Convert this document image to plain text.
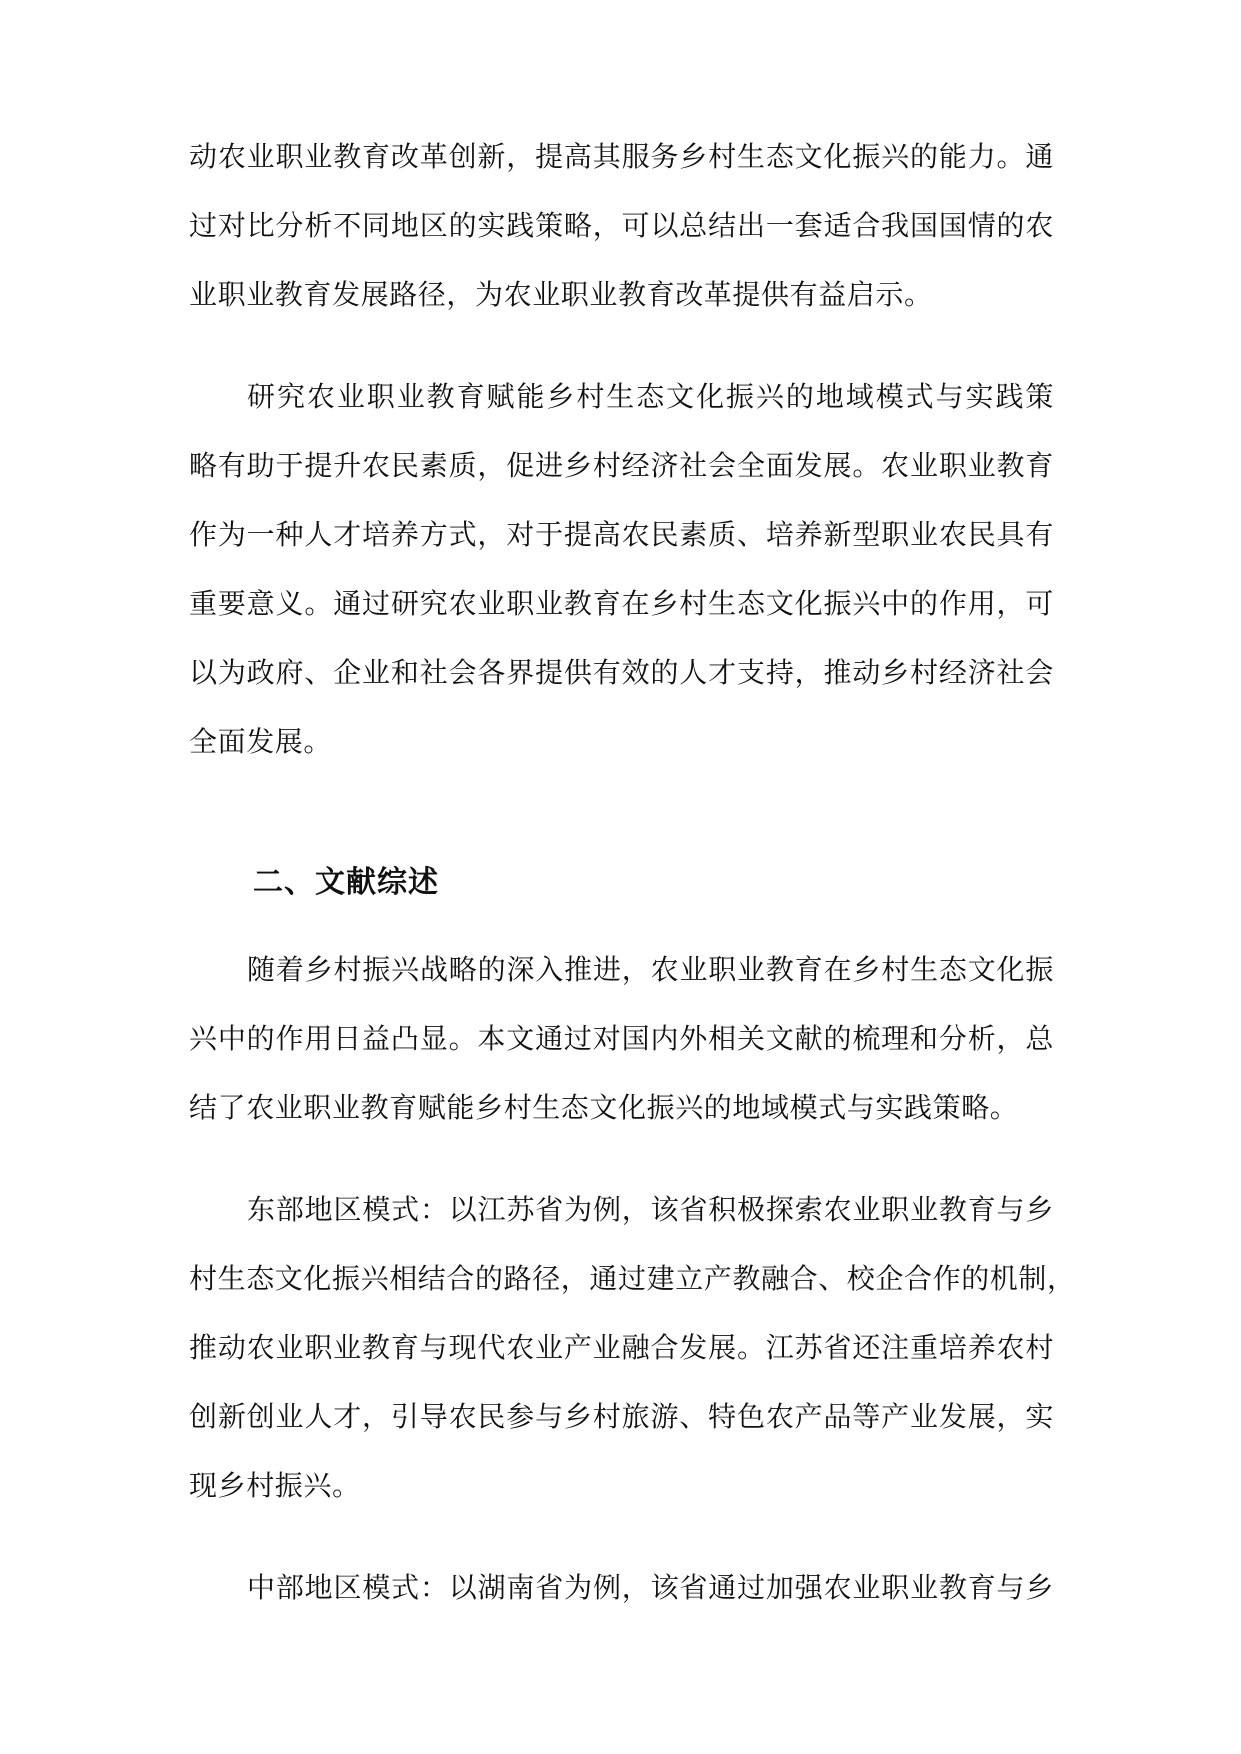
动农业职业教育改革创新，提高其服务乡村生态文化振兴的能力。通
过对比分析不同地区的实践策略，可以总结出一套适合我国国情的农
业职业教育发展路径，为农业职业教育改革提供有益启示。
研究农业职业教育赋能乡村生态文化振兴的地域模式与实践策
略有助于提升农民素质，促进乡村经济社会全面发展。农业职业教育
作为一种人才培养方式，对于提高农民素质、培养新型职业农民具有
重要意义。通过研究农业职业教育在乡村生态文化振兴中的作用，可
以为政府、企业和社会各界提供有效的人才支持，推动乡村经济社会
全面发展。
二、文献综述
随着乡村振兴战略的深入推进，农业职业教育在乡村生态文化振
兴中的作用日益凸显。本文通过对国内外相关文献的梳理和分析，总
结了农业职业教育赋能乡村生态文化振兴的地域模式与实践策略。
东部地区模式：以江苏省为例，该省积极探索农业职业教育与乡
村生态文化振兴相结合的路径，通过建立产教融合、校企合作的机制，
推动农业职业教育与现代农业产业融合发展。江苏省还注重培养农村
创新创业人才，引导农民参与乡村旅游、特色农产品等产业发展，实
现乡村振兴。
中部地区模式：以湖南省为例，该省通过加强农业职业教育与乡
